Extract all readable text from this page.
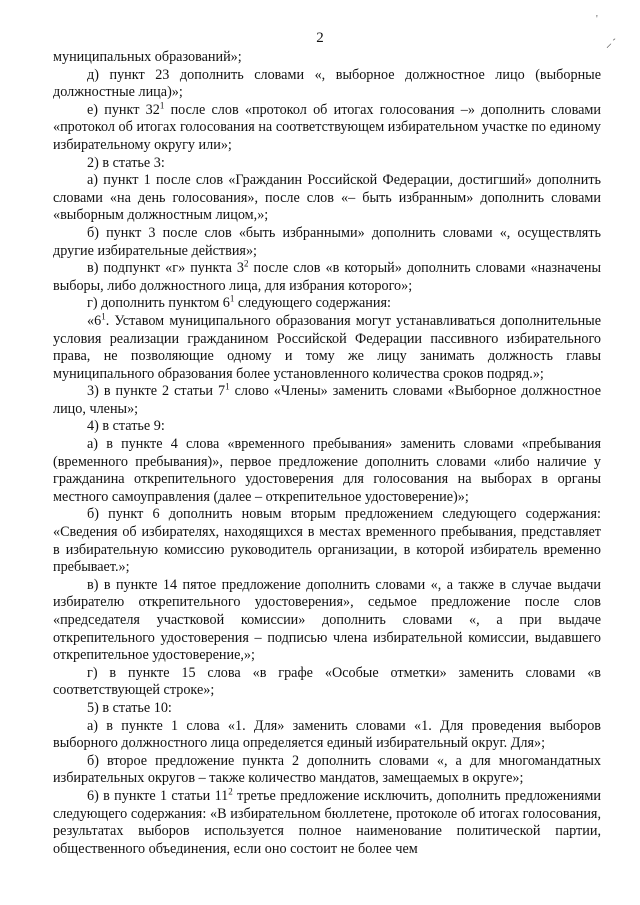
2
'
⸝ˊ

муниципальных образований»;

д) пункт 23 дополнить словами «, выборное должностное лицо (выборные должностные лица)»;

е) пункт $32^1$ после слов «протокол об итогах голосования –» дополнить словами «протокол об итогах голосования на соответствующем избирательном участке по единому избирательному округу или»;

2) в статье 3:

а) пункт 1 после слов «Гражданин Российской Федерации, достигший» дополнить словами «на день голосования», после слов «– быть избранным» дополнить словами «выборным должностным лицом,»;

б) пункт 3 после слов «быть избранными» дополнить словами «, осуществлять другие избирательные действия»;

в) подпункт «г» пункта $3^2$ после слов «в который» дополнить словами «назначены выборы, либо должностного лица, для избрания которого»;

г) дополнить пунктом $6^1$ следующего содержания:

«$6^1$. Уставом муниципального образования могут устанавливаться дополнительные условия реализации гражданином Российской Федерации пассивного избирательного права, не позволяющие одному и тому же лицу занимать должность главы муниципального образования более установленного количества сроков подряд.»;

3) в пункте 2 статьи $7^1$ слово «Члены» заменить словами «Выборное должностное лицо, члены»;

4) в статье 9:

а) в пункте 4 слова «временного пребывания» заменить словами «пребывания (временного пребывания)», первое предложение дополнить словами «либо наличие у гражданина открепительного удостоверения для голосования на выборах в органы местного самоуправления (далее – открепительное удостоверение)»;

б) пункт 6 дополнить новым вторым предложением следующего содержания: «Сведения об избирателях, находящихся в местах временного пребывания, представляет в избирательную комиссию руководитель организации, в которой избиратель временно пребывает.»;

в) в пункте 14 пятое предложение дополнить словами «, а также в случае выдачи избирателю открепительного удостоверения», седьмое предложение после слов «председателя участковой комиссии» дополнить словами «, а при выдаче открепительного удостоверения – подписью члена избирательной комиссии, выдавшего открепительное удостоверение,»;

г) в пункте 15 слова «в графе «Особые отметки» заменить словами «в соответствующей строке»;

5) в статье 10:

а) в пункте 1 слова «1. Для» заменить словами «1. Для проведения выборов выборного должностного лица определяется единый избирательный округ. Для»;

б) второе предложение пункта 2 дополнить словами «, а для многомандатных избирательных округов – также количество мандатов, замещаемых в округе»;

6) в пункте 1 статьи $11^2$ третье предложение исключить, дополнить предложениями следующего содержания: «В избирательном бюллетене, протоколе об итогах голосования, результатах выборов используется полное наименование политической партии, общественного объединения, если оно состоит не более чем
